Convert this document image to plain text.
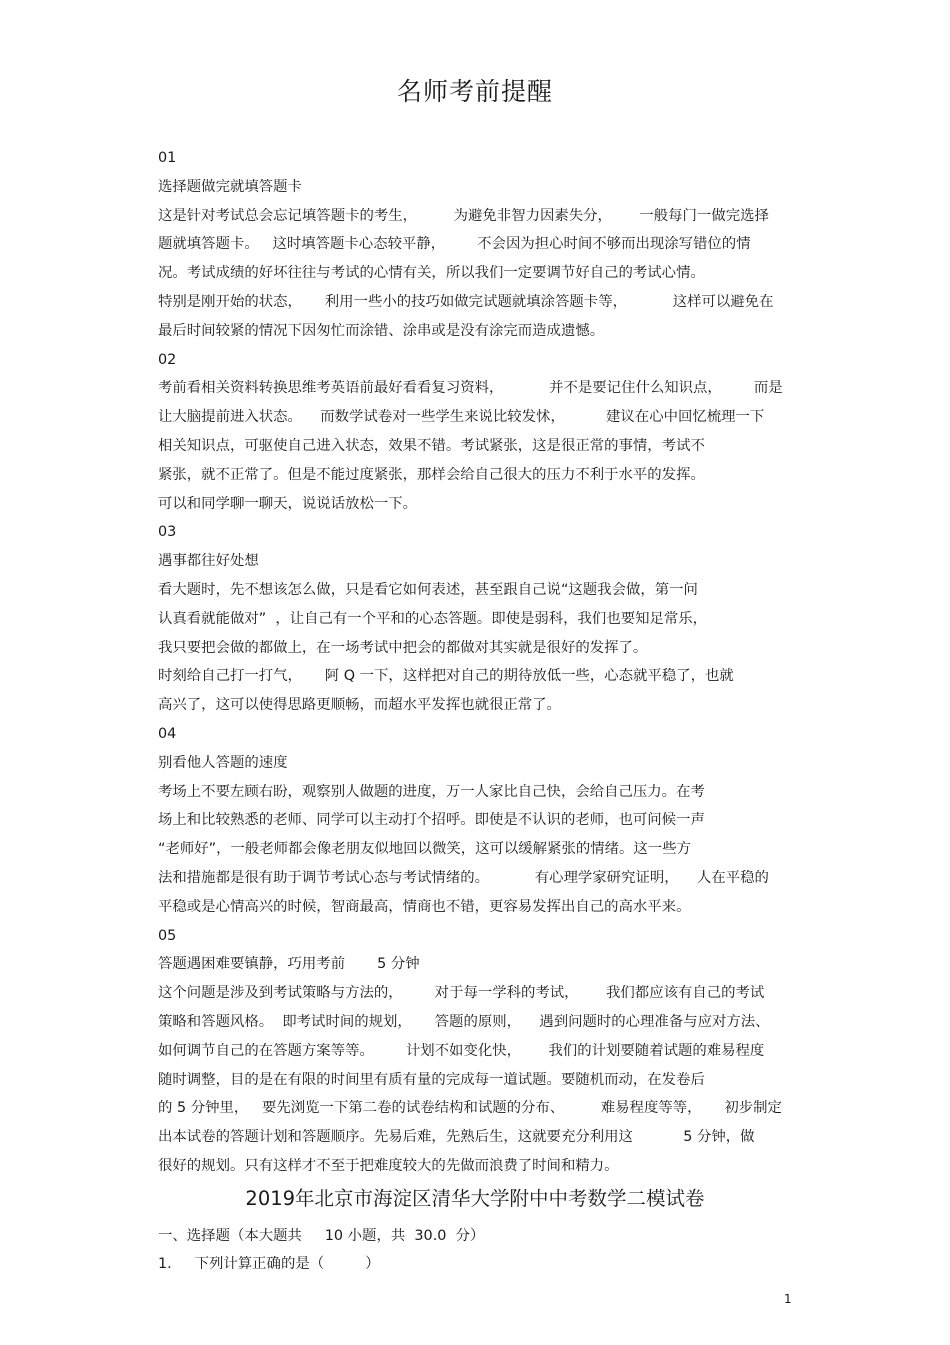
名师考前提醒
01
选择题做完就填答题卡
这是针对考试总会忘记填答题卡的考生，        为避免非智力因素失分，      一般每门一做完选择
题就填答题卡。   这时填答题卡心态较平静，       不会因为担心时间不够而出现涂写错位的情
况。考试成绩的好坏往往与考试的心情有关，所以我们一定要调节好自己的考试心情。
特别是刚开始的状态，     利用一些小的技巧如做完试题就填涂答题卡等，          这样可以避免在
最后时间较紧的情况下因匆忙而涂错、涂串或是没有涂完而造成遗憾。
02
考前看相关资料转换思维考英语前最好看看复习资料，          并不是要记住什么知识点，       而是
让大脑提前进入状态。    而数学试卷对一些学生来说比较发怵，         建议在心中回忆梳理一下
相关知识点，可驱使自己进入状态，效果不错。考试紧张，这是很正常的事情，考试不
紧张，就不正常了。但是不能过度紧张，那样会给自己很大的压力不利于水平的发挥。
可以和同学聊一聊天，说说话放松一下。
03
遇事都往好处想
看大题时，先不想该怎么做，只是看它如何表述，甚至跟自己说“这题我会做，第一问
认真看就能做对”  ，让自己有一个平和的心态答题。即使是弱科，我们也要知足常乐，
我只要把会做的都做上，在一场考试中把会的都做对其实就是很好的发挥了。
时刻给自己打一打气，     阿 Q 一下，这样把对自己的期待放低一些，心态就平稳了，也就
高兴了，这可以使得思路更顺畅，而超水平发挥也就很正常了。
04
别看他人答题的速度
考场上不要左顾右盼，观察别人做题的进度，万一人家比自己快，会给自己压力。在考
场上和比较熟悉的老师、同学可以主动打个招呼。即使是不认识的老师，也可问候一声
“老师好”，一般老师都会像老朋友似地回以微笑，这可以缓解紧张的情绪。这一些方
法和措施都是很有助于调节考试心态与考试情绪的。          有心理学家研究证明，    人在平稳的
平稳或是心情高兴的时候，智商最高，情商也不错，更容易发挥出自己的高水平来。
05
答题遇困难要镇静，巧用考前       5 分钟
这个问题是涉及到考试策略与方法的，       对于每一学科的考试，      我们都应该有自己的考试
策略和答题风格。  即考试时间的规划，     答题的原则，    遇到问题时的心理准备与应对方法、
如何调节自己的在答题方案等等。       计划不如变化快，      我们的计划要随着试题的难易程度
随时调整，目的是在有限的时间里有质有量的完成每一道试题。要随机而动，在发卷后
的 5 分钟里，   要先浏览一下第二卷的试卷结构和试题的分布、        难易程度等等，     初步制定
出本试卷的答题计划和答题顺序。先易后难，先熟后生，这就要充分利用这           5 分钟，做
很好的规划。只有这样才不至于把难度较大的先做而浪费了时间和精力。
2019年北京市海淀区清华大学附中中考数学二模试卷
一、选择题（本大题共     10 小题，共  30.0  分）
1.     下列计算正确的是（         ）
1
